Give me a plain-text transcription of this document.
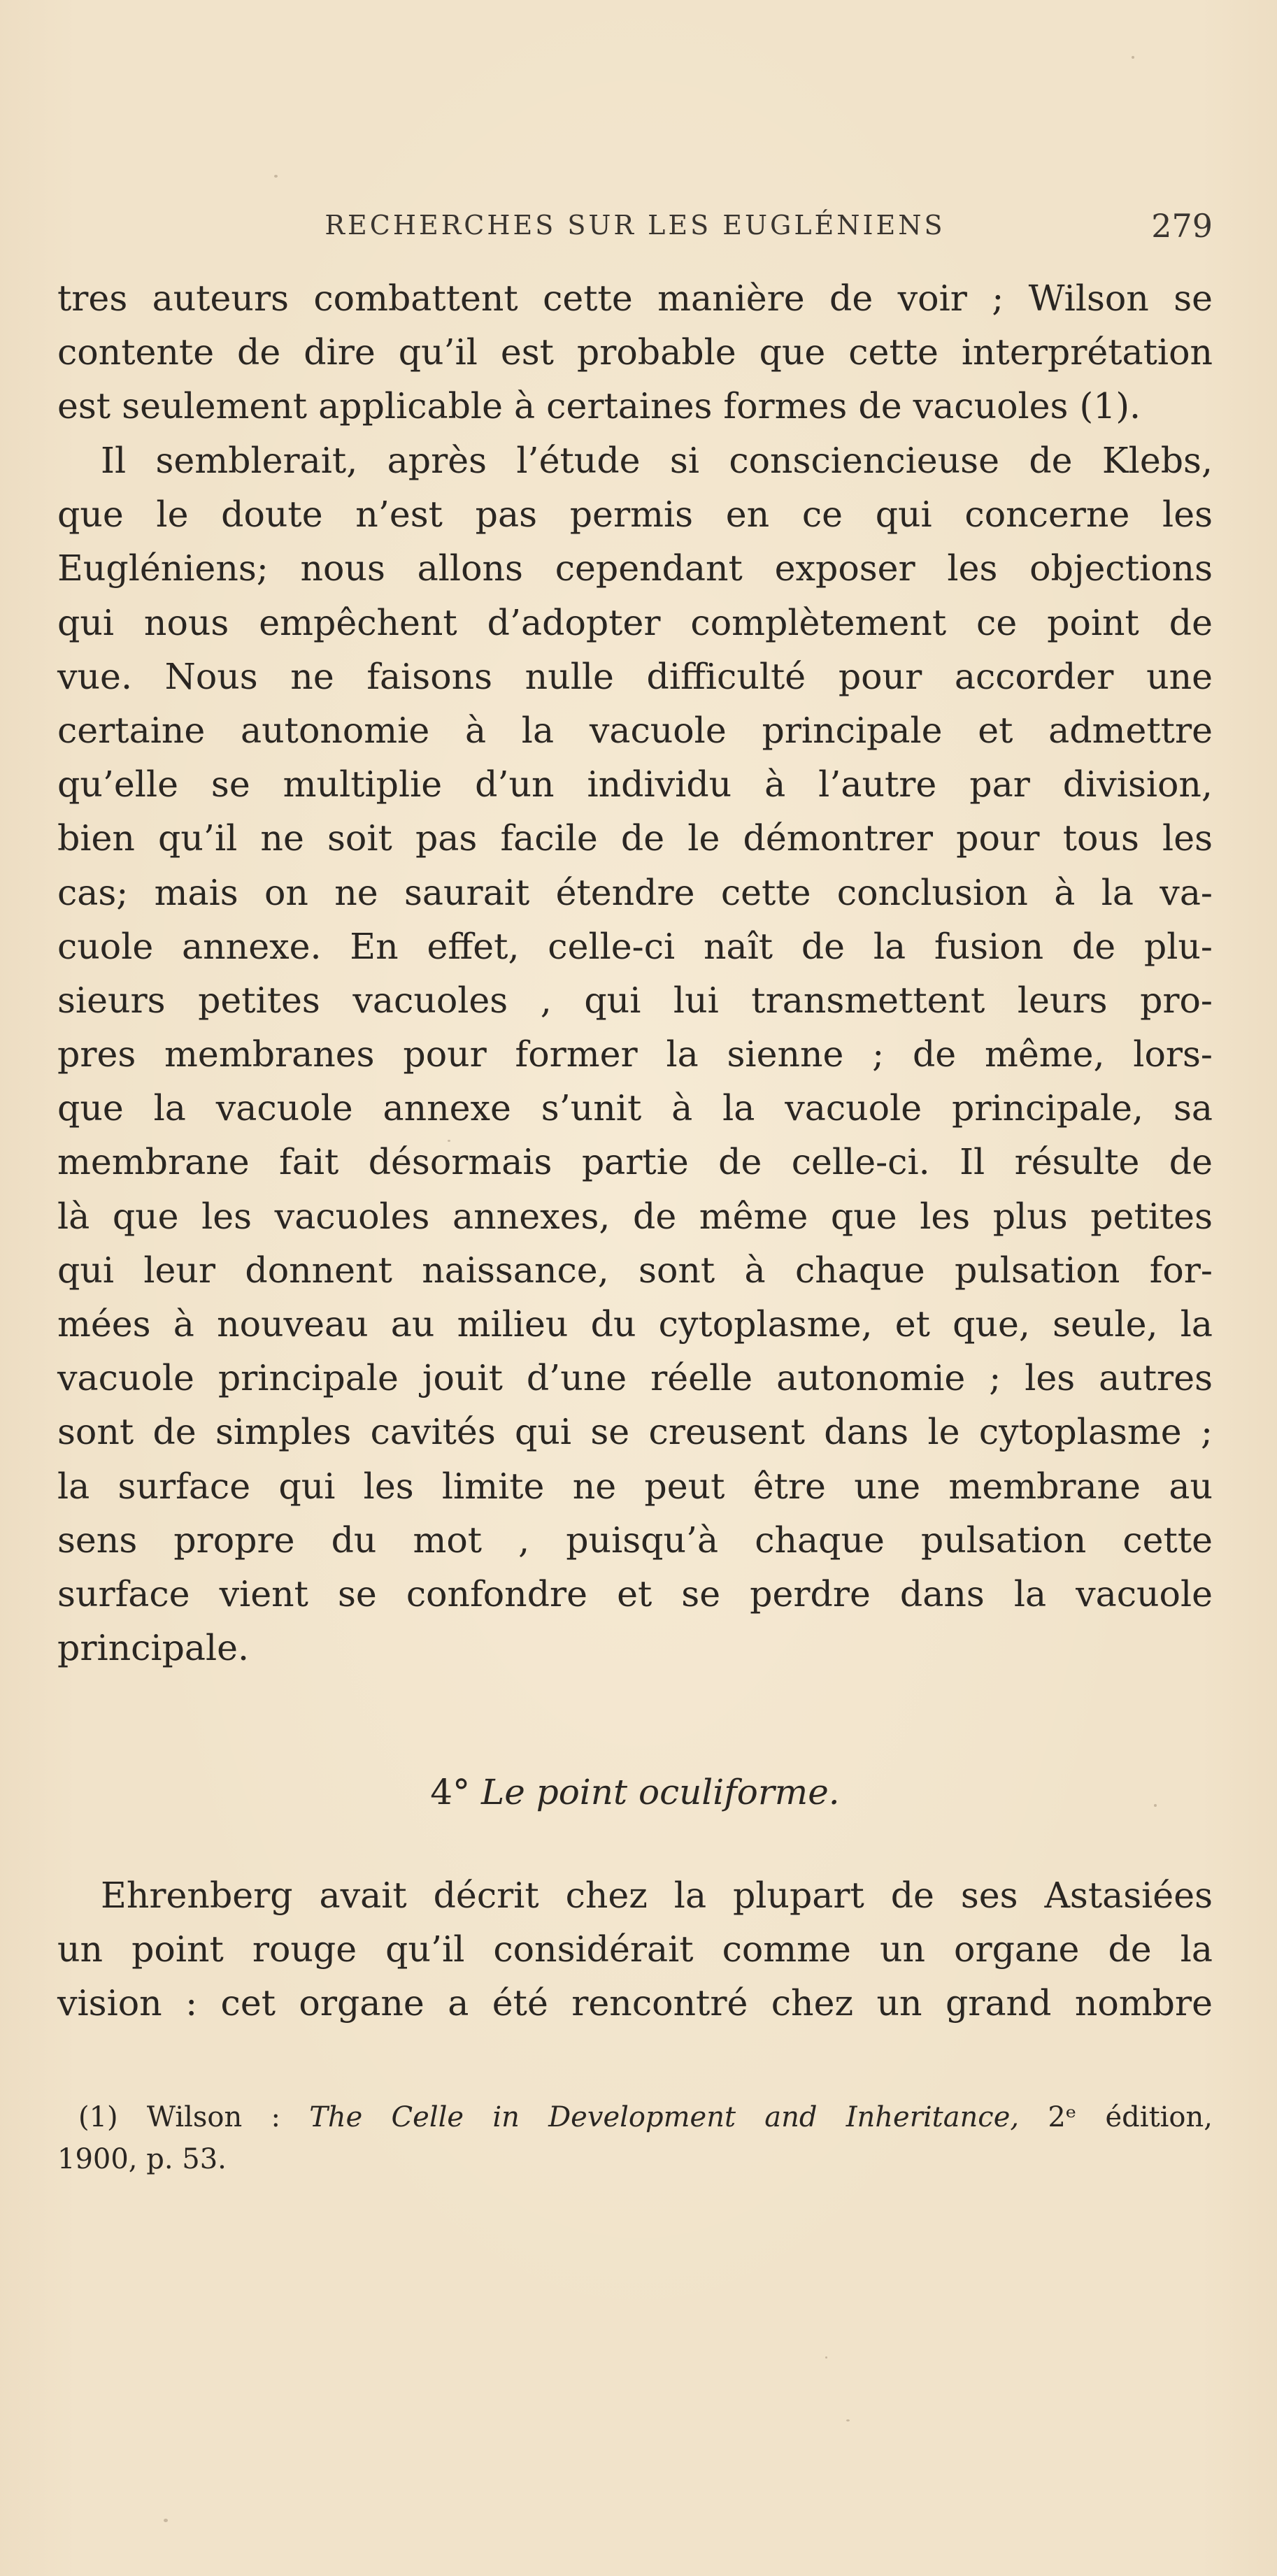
RECHERCHES SUR LES EUGLÉNIENS	279
tres auteurs combattent cette manière de voir ; Wilson se
contente de dire qu’il est probable que cette interprétation
est seulement applicable à certaines formes de vacuoles (1).
Il semblerait, après l’étude si consciencieuse de Klebs,
que le doute n’est pas permis en ce qui concerne les
Eugléniens; nous allons cependant exposer les objections
qui nous empêchent d’adopter complètement ce point de
vue. Nous ne faisons nulle difficulté pour accorder une
certaine autonomie à la vacuole principale et admettre
qu’elle se multiplie d’un individu à l’autre par division,
bien qu’il ne soit pas facile de le démontrer pour tous les
cas; mais on ne saurait étendre cette conclusion à la va-
cuole annexe. En effet, celle-ci naît de la fusion de plu-
sieurs petites vacuoles , qui lui transmettent leurs pro-
pres membranes pour former la sienne ; de même, lors-
que la vacuole annexe s’unit à la vacuole principale, sa
membrane fait désormais partie de celle-ci. Il résulte de
là que les vacuoles annexes, de même que les plus petites
qui leur donnent naissance, sont à chaque pulsation for-
mées à nouveau au milieu du cytoplasme, et que, seule, la
vacuole principale jouit d’une réelle autonomie ; les autres
sont de simples cavités qui se creusent dans le cytoplasme ;
la surface qui les limite ne peut être une membrane au
sens propre du mot , puisqu’à chaque pulsation cette
surface vient se confondre et se perdre dans la vacuole
principale.
4° Le point oculiforme.
Ehrenberg avait décrit chez la plupart de ses Astasiées
un point rouge qu’il considérait comme un organe de la
vision : cet organe a été rencontré chez un grand nombre
(1) Wilson : The Celle in Development and Inheritance, 2ᵉ édition,
1900, p. 53.
